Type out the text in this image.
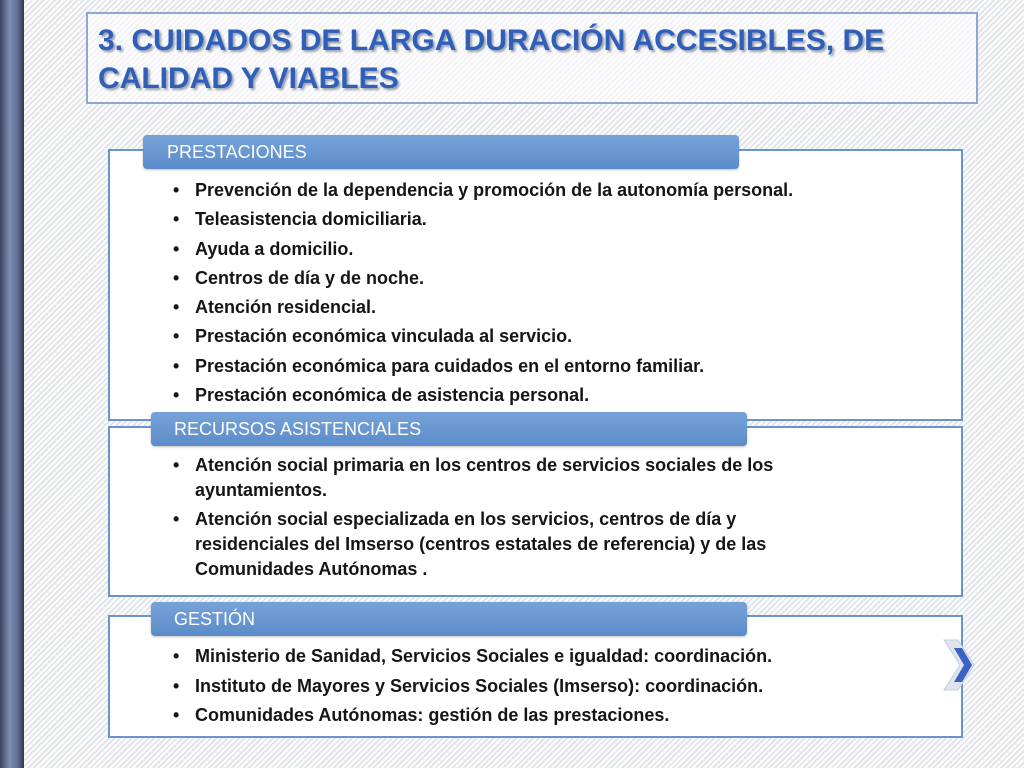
3. CUIDADOS DE LARGA DURACIÓN ACCESIBLES, DE CALIDAD Y VIABLES
PRESTACIONES
• Prevención de la dependencia y promoción de la autonomía personal.
• Teleasistencia domiciliaria.
• Ayuda a domicilio.
• Centros de día y de noche.
• Atención residencial.
• Prestación económica vinculada al servicio.
• Prestación económica para cuidados en el entorno familiar.
• Prestación económica de asistencia personal.
RECURSOS ASISTENCIALES
• Atención social primaria en los centros de servicios sociales de los ayuntamientos.
• Atención social especializada en los servicios, centros de día y residenciales del Imserso (centros estatales de referencia) y de las Comunidades Autónomas .
GESTIÓN
• Ministerio de Sanidad, Servicios Sociales e igualdad: coordinación.
• Instituto de Mayores y Servicios Sociales (Imserso): coordinación.
• Comunidades Autónomas: gestión de las prestaciones.
